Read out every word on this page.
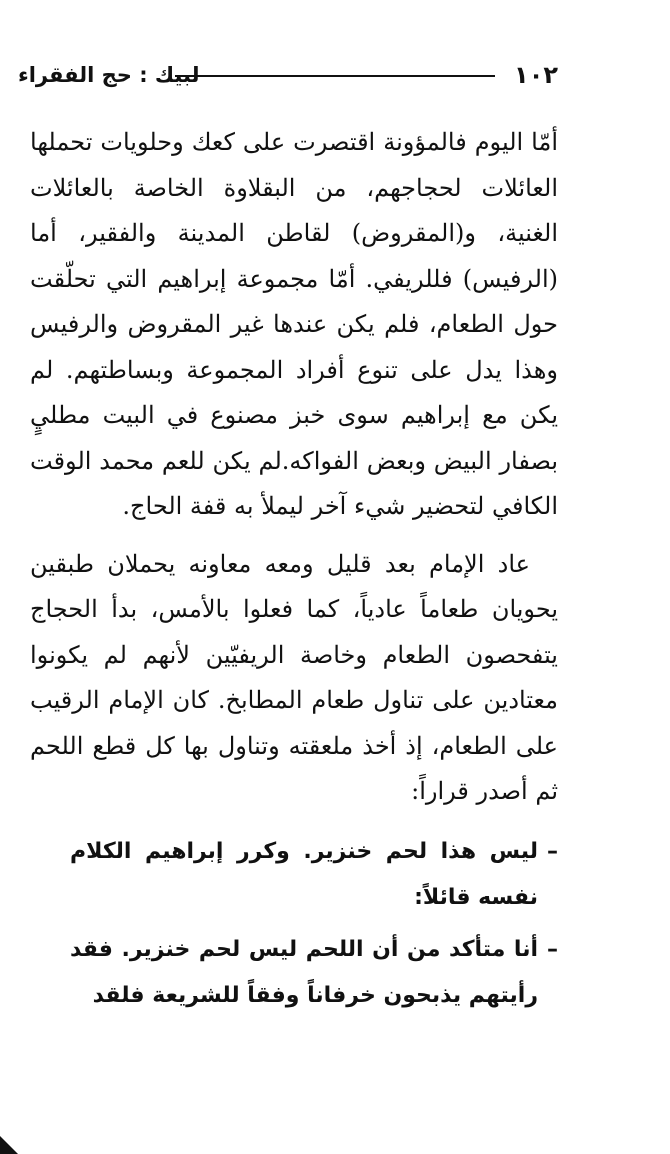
١٠٢
لبيك : حج الفقراء

أمّا اليوم فالمؤونة اقتصرت على كعك وحلويات تحملها العائلات لحجاجهم، من البقلاوة الخاصة بالعائلات الغنية، و(المقروض) لقاطن المدينة والفقير، أما (الرفيس) فللريفي. أمّا مجموعة إبراهيم التي تحلّقت حول الطعام، فلم يكن عندها غير المقروض والرفيس وهذا يدل على تنوع أفراد المجموعة وبساطتهم. لم يكن مع إبراهيم سوى خبز مصنوع في البيت مطليٍ بصفار البيض وبعض الفواكه.لم يكن للعم محمد الوقت الكافي لتحضير شيء آخر ليملأ به قفة الحاج.

عاد الإمام بعد قليل ومعه معاونه يحملان طبقين يحويان طعاماً عادياً، كما فعلوا بالأمس، بدأ الحجاج يتفحصون الطعام وخاصة الريفيّين لأنهم لم يكونوا معتادين على تناول طعام المطابخ. كان الإمام الرقيب على الطعام، إذ أخذ ملعقته وتناول بها كل قطع اللحم ثم أصدر قراراً:

–
ليس هذا لحم خنزير. وكرر إبراهيم الكلام نفسه قائلاً:
–
أنا متأكد من أن اللحم ليس لحم خنزير. فقد رأيتهم يذبحون خرفاناً وفقاً للشريعة فلقد
